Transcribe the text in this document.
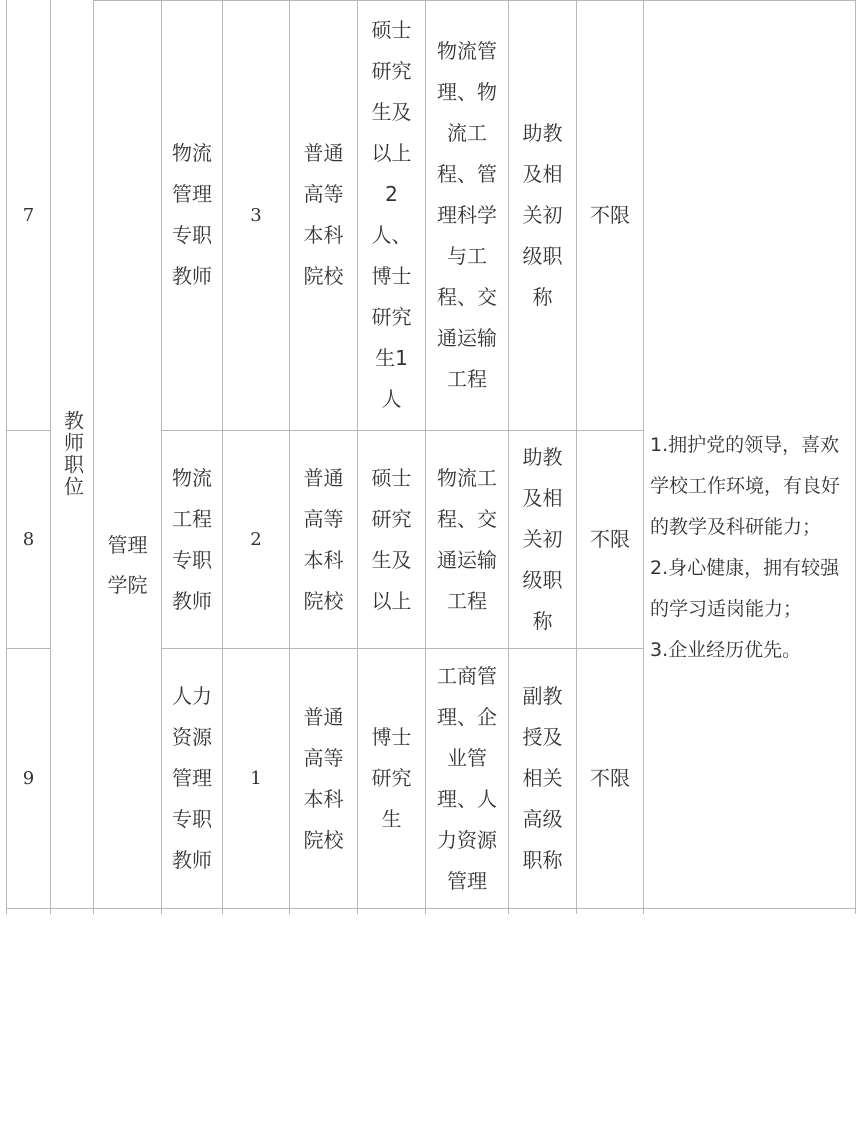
教师职位
管理
学院
7
物流
管理
专职
教师
3
普通
高等
本科
院校
硕士
研究
生及
以上
2
人、
博士
研究
生1
人
物流管
理、物
流工
程、管
理科学
与工
程、交
通运输
工程
助教
及相
关初
级职
称
不限
8
物流
工程
专职
教师
2
普通
高等
本科
院校
硕士
研究
生及
以上
物流工
程、交
通运输
工程
助教
及相
关初
级职
称
不限
9
人力
资源
管理
专职
教师
1
普通
高等
本科
院校
博士
研究
生
工商管
理、企
业管
理、人
力资源
管理
副教
授及
相关
高级
职称
不限
1.拥护党的领导，喜欢学校工作环境，有良好的教学及科研能力；
2.身心健康，拥有较强的学习适岗能力；
3.企业经历优先。
